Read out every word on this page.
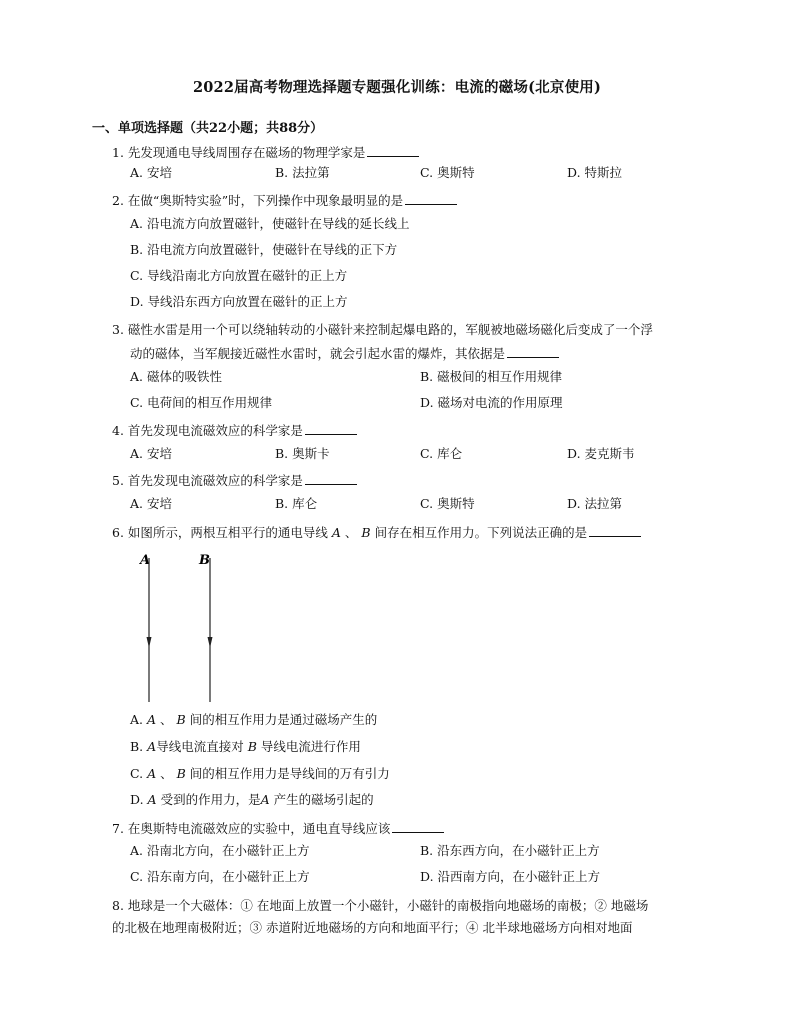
2022届高考物理选择题专题强化训练：电流的磁场(北京使用)
一、单项选择题（共22小题；共88分）
1. 先发现通电导线周围存在磁场的物理学家是
A. 安培	B. 法拉第	C. 奥斯特	D. 特斯拉
2. 在做“奥斯特实验”时，下列操作中现象最明显的是
A. 沿电流方向放置磁针，使磁针在导线的延长线上
B. 沿电流方向放置磁针，使磁针在导线的正下方
C. 导线沿南北方向放置在磁针的正上方
D. 导线沿东西方向放置在磁针的正上方
3. 磁性水雷是用一个可以绕轴转动的小磁针来控制起爆电路的，军舰被地磁场磁化后变成了一个浮
动的磁体，当军舰接近磁性水雷时，就会引起水雷的爆炸，其依据是
A. 磁体的吸铁性	B. 磁极间的相互作用规律
C. 电荷间的相互作用规律	D. 磁场对电流的作用原理
4. 首先发现电流磁效应的科学家是
A. 安培	B. 奥斯卡	C. 库仑	D. 麦克斯韦
5. 首先发现电流磁效应的科学家是
A. 安培	B. 库仑	C. 奥斯特	D. 法拉第
6. 如图所示，两根互相平行的通电导线 A 、 B 间存在相互作用力。下列说法正确的是
A	B
A. A 、 B 间的相互作用力是通过磁场产生的
B. A导线电流直接对 B 导线电流进行作用
C. A 、 B 间的相互作用力是导线间的万有引力
D. A 受到的作用力，是A 产生的磁场引起的
7. 在奥斯特电流磁效应的实验中，通电直导线应该
A. 沿南北方向，在小磁针正上方	B. 沿东西方向，在小磁针正上方
C. 沿东南方向，在小磁针正上方	D. 沿西南方向，在小磁针正上方
8. 地球是一个大磁体：① 在地面上放置一个小磁针，小磁针的南极指向地磁场的南极；② 地磁场
的北极在地理南极附近；③ 赤道附近地磁场的方向和地面平行；④ 北半球地磁场方向相对地面
